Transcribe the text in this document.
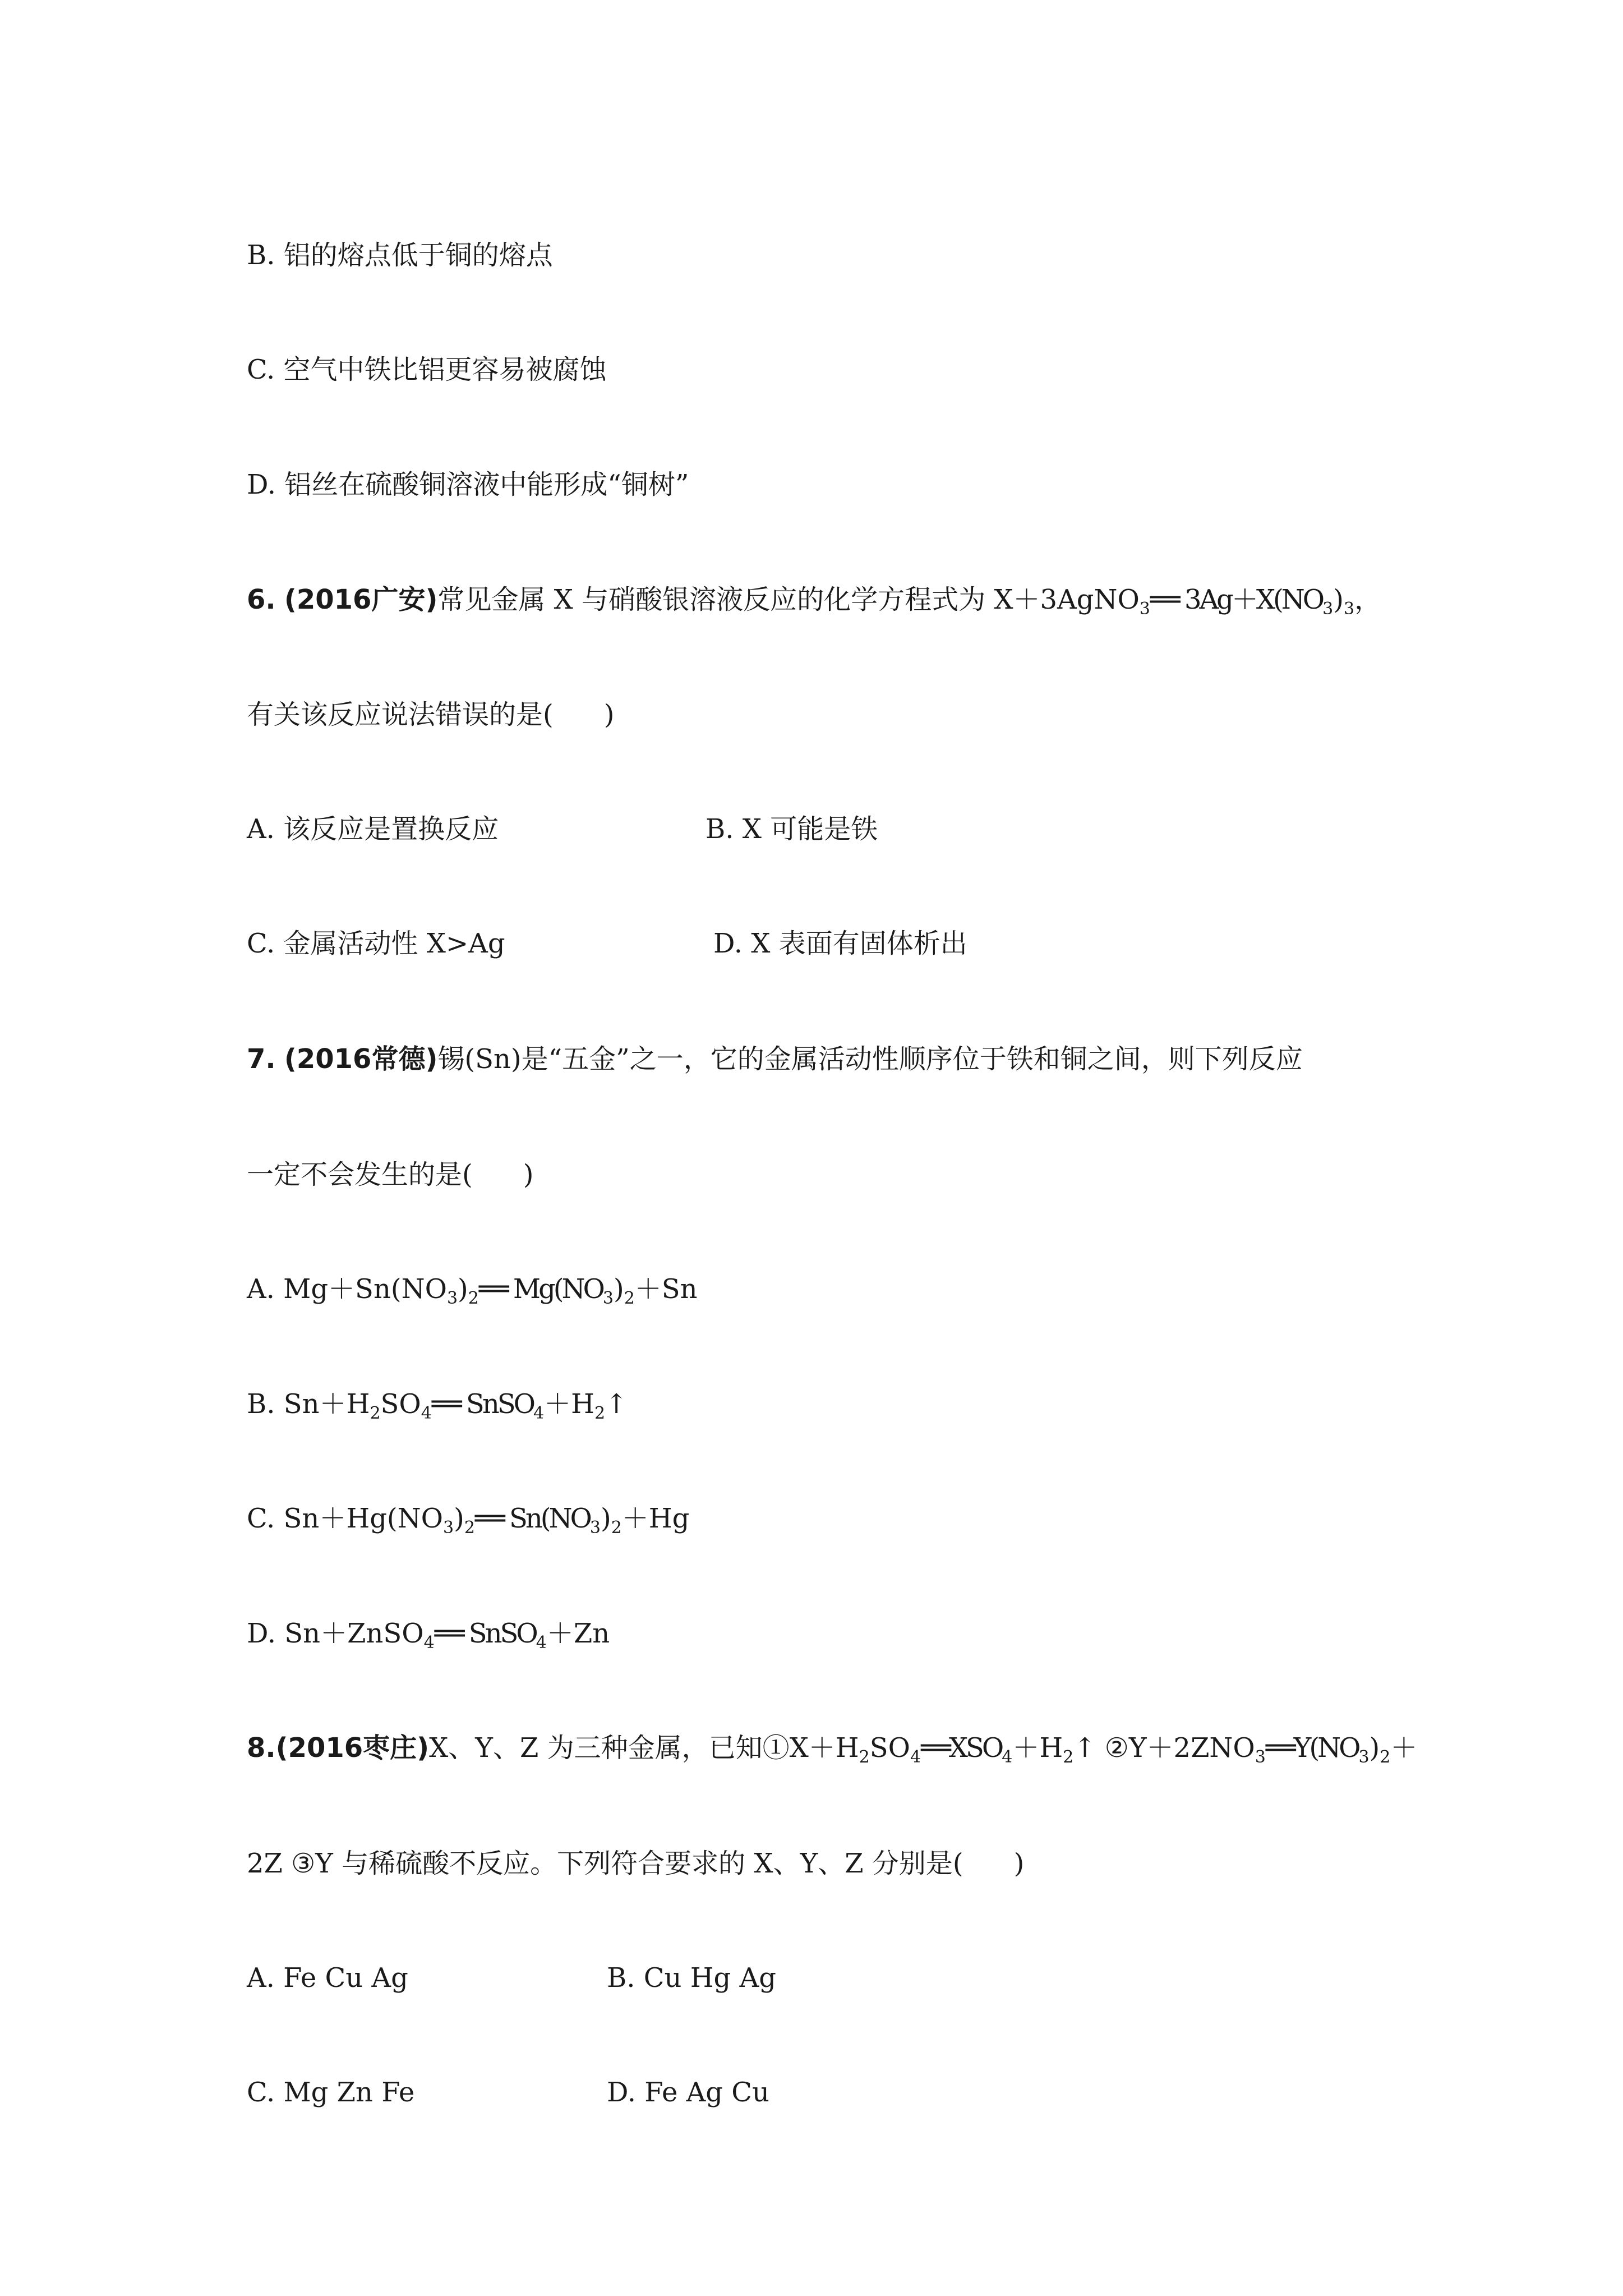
B. 铝的熔点低于铜的熔点
C. 空气中铁比铝更容易被腐蚀
D. 铝丝在硫酸铜溶液中能形成“铜树”
6. (2016广安)常见金属 X 与硝酸银溶液反应的化学方程式为 X＋3AgNO$_3$══ $3Ag+X(NO_3)_3$，
有关该反应说法错误的是( )
A. 该反应是置换反应	B. X 可能是铁
C. 金属活动性 X>Ag	D. X 表面有固体析出
7. (2016常德)锡(Sn)是“五金”之一，它的金属活动性顺序位于铁和铜之间，则下列反应
一定不会发生的是( )
A. $Mg+Sn(NO_3)_2══$ $Mg(NO_3)_2+Sn$
B. $Sn+H_2SO_4══$ $SnSO_4+H_2↑$
C. $Sn+Hg(NO_3)_2══$ $Sn(NO_3)_2+Hg$
D. Sn＋ZnSO$_4$══ SnSO$_4$＋Zn
8.(2016枣庄)X、Y、Z 为三种金属，已知$①X+H_2SO_4══XSO_4+H_2↑$ $②Y+2ZNO_3══Y(NO_3)_2+$
2Z ③Y 与稀硫酸不反应。下列符合要求的 X、Y、Z 分别是( )
A. Fe Cu Ag	B. Cu Hg Ag
C. Mg Zn Fe	D. Fe Ag Cu
